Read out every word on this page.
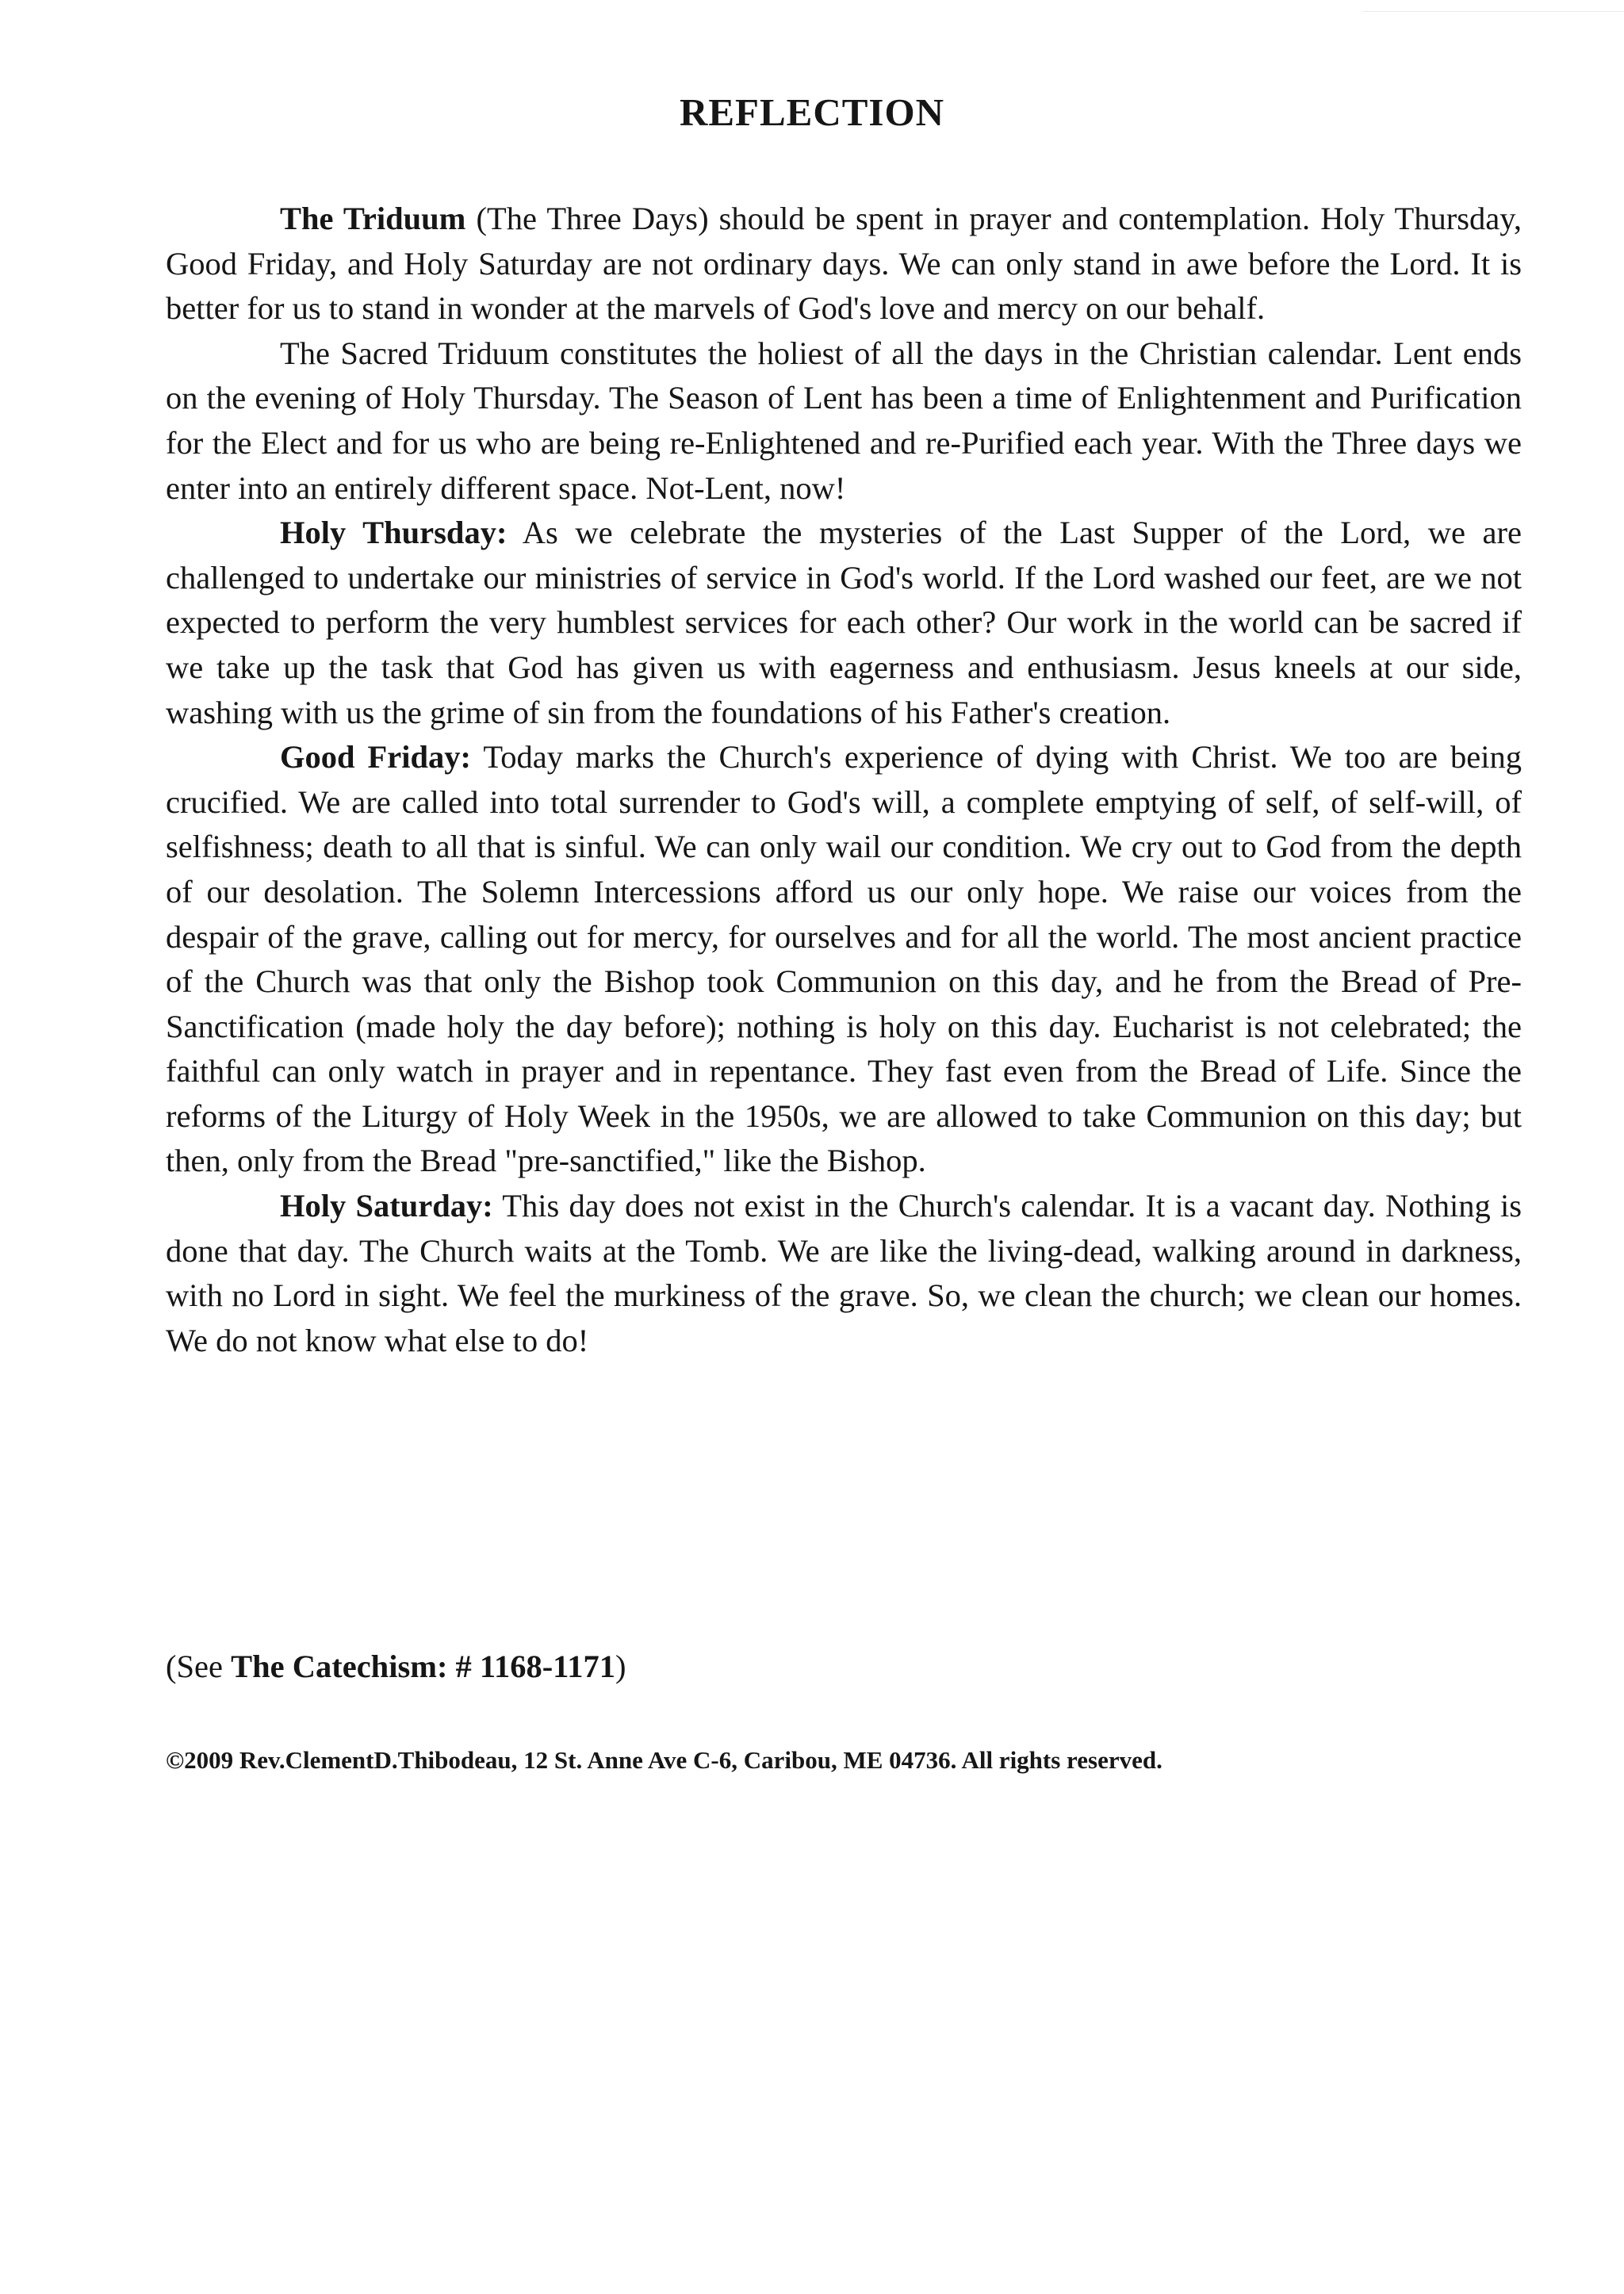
REFLECTION

The Triduum (The Three Days) should be spent in prayer and contemplation. Holy Thursday, Good Friday, and Holy Saturday are not ordinary days. We can only stand in awe before the Lord. It is better for us to stand in wonder at the marvels of God's love and mercy on our behalf.

The Sacred Triduum constitutes the holiest of all the days in the Christian calendar. Lent ends on the evening of Holy Thursday. The Season of Lent has been a time of Enlightenment and Purification for the Elect and for us who are being re-Enlightened and re-Purified each year. With the Three days we enter into an entirely different space. Not-Lent, now!

Holy Thursday: As we celebrate the mysteries of the Last Supper of the Lord, we are challenged to undertake our ministries of service in God's world. If the Lord washed our feet, are we not expected to perform the very humblest services for each other? Our work in the world can be sacred if we take up the task that God has given us with eagerness and enthusiasm. Jesus kneels at our side, washing with us the grime of sin from the foundations of his Father's creation.

Good Friday: Today marks the Church's experience of dying with Christ. We too are being crucified. We are called into total surrender to God's will, a complete emptying of self, of self-will, of selfishness; death to all that is sinful. We can only wail our condition. We cry out to God from the depth of our desolation. The Solemn Intercessions afford us our only hope. We raise our voices from the despair of the grave, calling out for mercy, for ourselves and for all the world. The most ancient practice of the Church was that only the Bishop took Communion on this day, and he from the Bread of Pre-Sanctification (made holy the day before); nothing is holy on this day. Eucharist is not celebrated; the faithful can only watch in prayer and in repentance. They fast even from the Bread of Life. Since the reforms of the Liturgy of Holy Week in the 1950s, we are allowed to take Communion on this day; but then, only from the Bread "pre-sanctified," like the Bishop.

Holy Saturday: This day does not exist in the Church's calendar. It is a vacant day. Nothing is done that day. The Church waits at the Tomb. We are like the living-dead, walking around in darkness, with no Lord in sight. We feel the murkiness of the grave. So, we clean the church; we clean our homes. We do not know what else to do!

(See The Catechism: # 1168-1171)

©2009 Rev.ClementD.Thibodeau, 12 St. Anne Ave C-6, Caribou, ME 04736. All rights reserved.
